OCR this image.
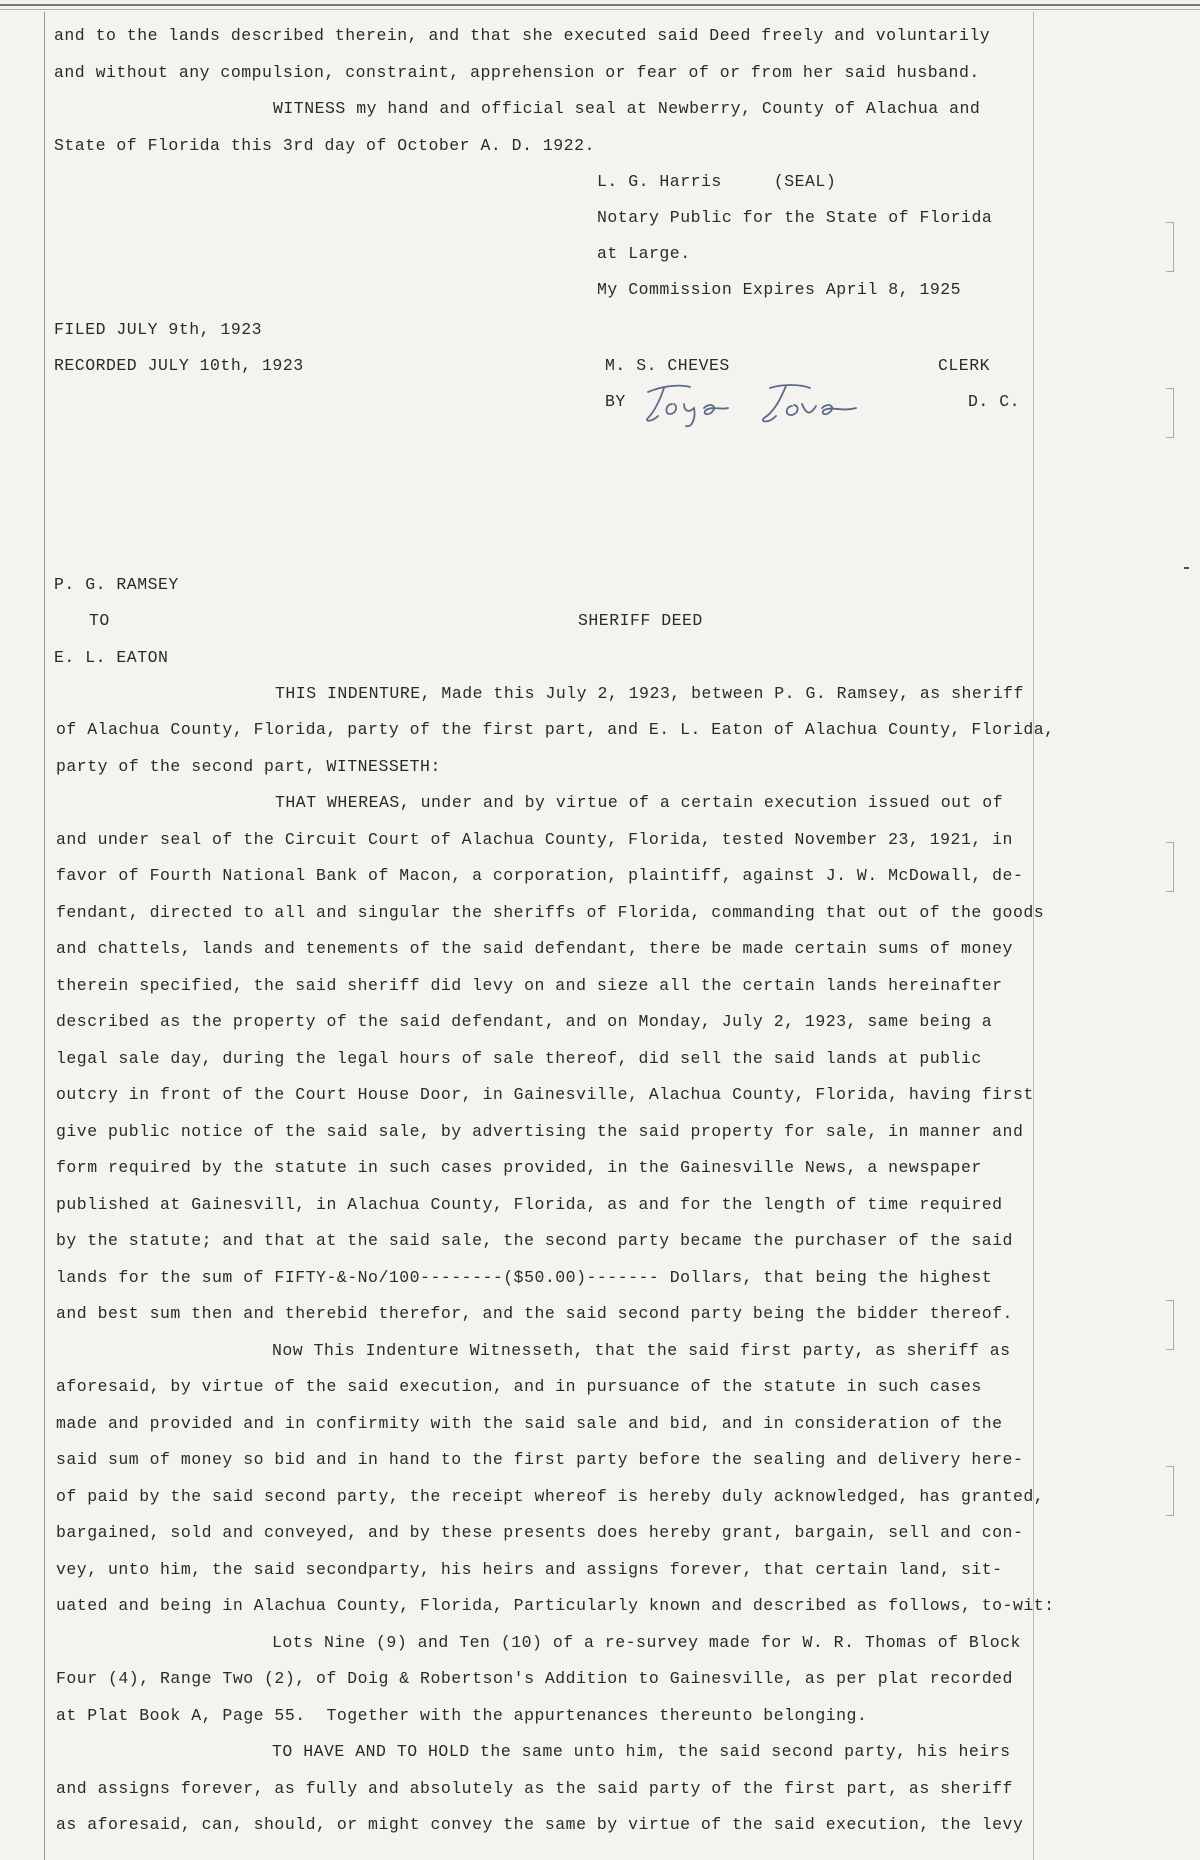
and to the lands described therein, and that she executed said Deed freely and voluntarily
and without any compulsion, constraint, apprehension or fear of or from her said husband.
WITNESS my hand and official seal at Newberry, County of Alachua and
State of Florida this 3rd day of October A. D. 1922.
L. G. Harris     (SEAL)
Notary Public for the State of Florida
at Large.
My Commission Expires April 8, 1925
FILED JULY 9th, 1923
RECORDED JULY 10th, 1923	M. S. CHEVES	CLERK
BY	D. C.
P. G. RAMSEY
TO	SHERIFF DEED
E. L. EATON
THIS INDENTURE, Made this July 2, 1923, between P. G. Ramsey, as sheriff
of Alachua County, Florida, party of the first part, and E. L. Eaton of Alachua County, Florida,
party of the second part, WITNESSETH:
THAT WHEREAS, under and by virtue of a certain execution issued out of
and under seal of the Circuit Court of Alachua County, Florida, tested November 23, 1921, in
favor of Fourth National Bank of Macon, a corporation, plaintiff, against J. W. McDowall, de-
fendant, directed to all and singular the sheriffs of Florida, commanding that out of the goods
and chattels, lands and tenements of the said defendant, there be made certain sums of money
therein specified, the said sheriff did levy on and sieze all the certain lands hereinafter
described as the property of the said defendant, and on Monday, July 2, 1923, same being a
legal sale day, during the legal hours of sale thereof, did sell the said lands at public
outcry in front of the Court House Door, in Gainesville, Alachua County, Florida, having first
give public notice of the said sale, by advertising the said property for sale, in manner and
form required by the statute in such cases provided, in the Gainesville News, a newspaper
published at Gainesvill, in Alachua County, Florida, as and for the length of time required
by the statute; and that at the said sale, the second party became the purchaser of the said
lands for the sum of FIFTY-&-No/100--------($50.00)------- Dollars, that being the highest
and best sum then and therebid therefor, and the said second party being the bidder thereof.
Now This Indenture Witnesseth, that the said first party, as sheriff as
aforesaid, by virtue of the said execution, and in pursuance of the statute in such cases
made and provided and in confirmity with the said sale and bid, and in consideration of the
said sum of money so bid and in hand to the first party before the sealing and delivery here-
of paid by the said second party, the receipt whereof is hereby duly acknowledged, has granted,
bargained, sold and conveyed, and by these presents does hereby grant, bargain, sell and con-
vey, unto him, the said secondparty, his heirs and assigns forever, that certain land, sit-
uated and being in Alachua County, Florida, Particularly known and described as follows, to-wit:
Lots Nine (9) and Ten (10) of a re-survey made for W. R. Thomas of Block
Four (4), Range Two (2), of Doig & Robertson's Addition to Gainesville, as per plat recorded
at Plat Book A, Page 55.  Together with the appurtenances thereunto belonging.
TO HAVE AND TO HOLD the same unto him, the said second party, his heirs
and assigns forever, as fully and absolutely as the said party of the first part, as sheriff
as aforesaid, can, should, or might convey the same by virtue of the said execution, the levy
